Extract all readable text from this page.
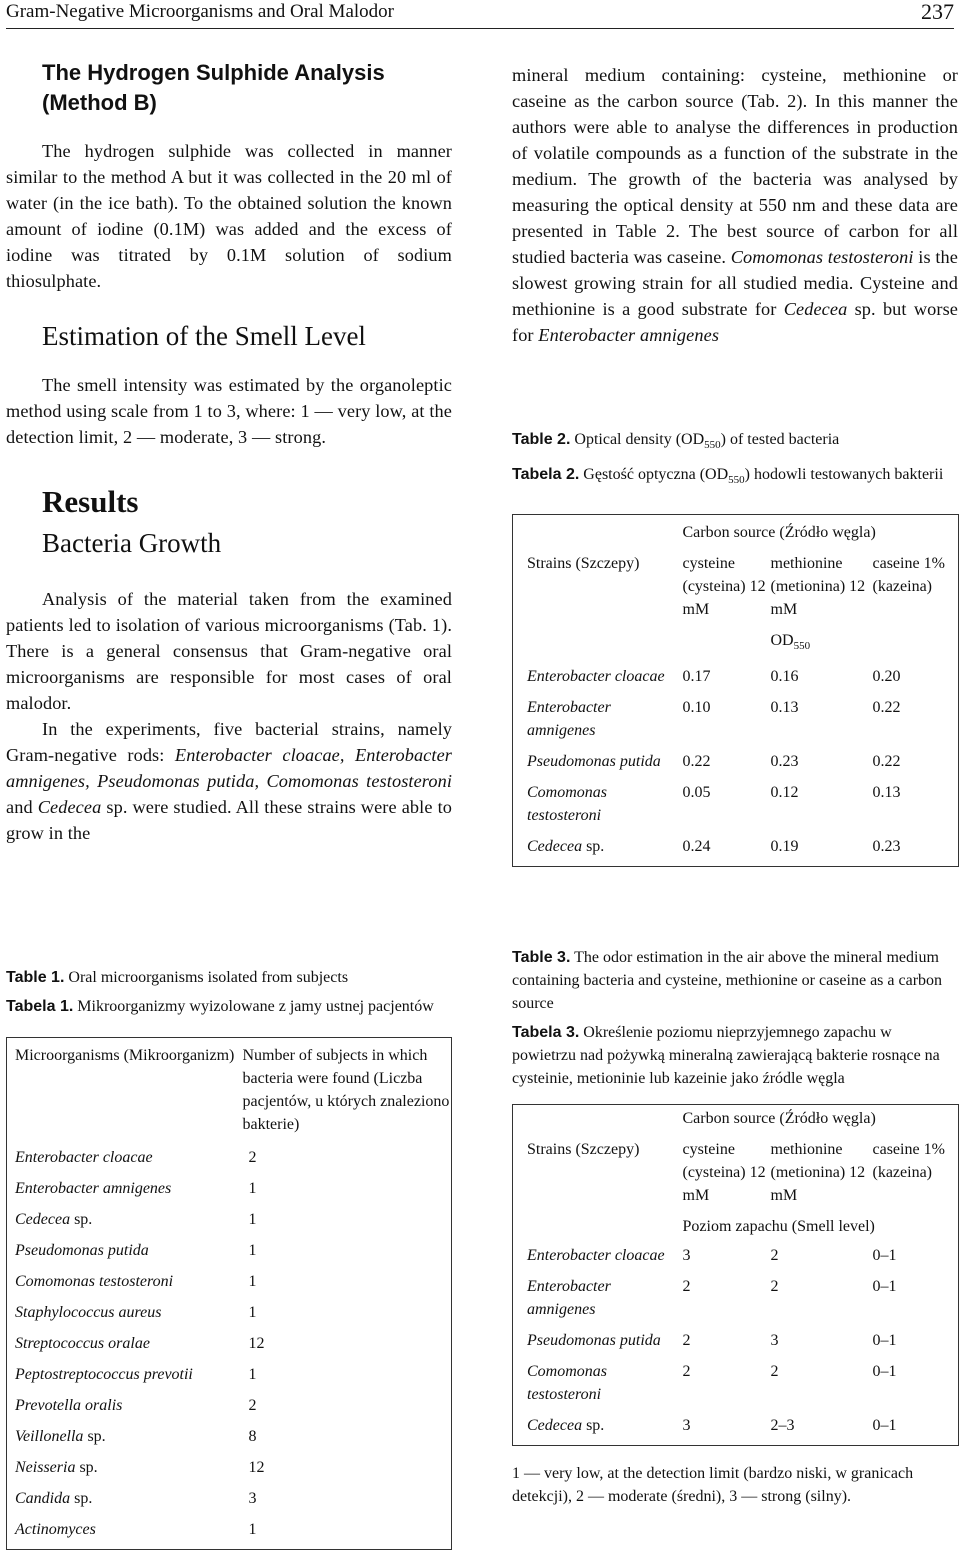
Gram-Negative Microorganisms and Oral Malodor	237
The Hydrogen Sulphide Analysis
(Method B)

The hydrogen sulphide was collected in manner similar to the method A but it was collected in the 20 ml of water (in the ice bath). To the obtained solution the known amount of iodine (0.1M) was added and the excess of iodine was titrated by 0.1M solution of sodium thiosulphate.

Estimation of the Smell Level

The smell intensity was estimated by the organoleptic method using scale from 1 to 3, where: 1 — very low, at the detection limit, 2 — moderate, 3 — strong.

Results
Bacteria Growth

Analysis of the material taken from the examined patients led to isolation of various microorganisms (Tab. 1). There is a general consensus that Gram-negative oral microorganisms are responsible for most cases of oral malodor.

In the experiments, five bacterial strains, namely Gram-negative rods: Enterobacter cloacae, Enterobacter amnigenes, Pseudomonas putida, Comomonas testosteroni and Cedecea sp. were studied. All these strains were able to grow in the

mineral medium containing: cysteine, methionine or caseine as the carbon source (Tab. 2). In this manner the authors were able to analyse the differences in production of volatile compounds as a function of the substrate in the medium. The growth of the bacteria was analysed by measuring the optical density at 550 nm and these data are presented in Table 2. The best source of carbon for all studied bacteria was caseine. Comomonas testosteroni is the slowest growing strain for all studied media. Cysteine and methionine is a good substrate for Cedecea sp. but worse for Enterobacter amnigenes

Table 2. Optical density $(OD_{550})$ of tested bacteria

Tabela 2. Gęstość optyczna $(OD_{550})$ hodowli testowanych bakterii

	Carbon source (Źródło węgla)		
Strains (Szczepy)	cysteine (cysteina) 12 mM	methionine (metionina) 12 mM	caseine 1% (kazeina)
	$OD_{550}$
Enterobacter cloacae	0.17	0.16	0.20
Enterobacter amnigenes	0.10	0.13	0.22
Pseudomonas putida	0.22	0.23	0.22
Comomonas testosteroni	0.05	0.12	0.13
Cedecea sp.	0.24	0.19	0.23

Table 1. Oral microorganisms isolated from subjects

Tabela 1. Mikroorganizmy wyizolowane z jamy ustnej pacjentów

Microorganisms (Mikroorganizm)	Number of subjects in which bacteria were found (Liczba pacjentów, u których znaleziono bakterie)
Enterobacter cloacae	2
Enterobacter amnigenes	1
Cedecea sp.	1
Pseudomonas putida	1
Comomonas testosteroni	1
Staphylococcus aureus	1
Streptococcus oralae	12
Peptostreptococcus prevotii	1
Prevotella oralis	2
Veillonella sp.	8
Neisseria sp.	12
Candida sp.	3
Actinomyces	1

Table 3. The odor estimation in the air above the mineral medium containing bacteria and cysteine, methionine or caseine as a carbon source

Tabela 3. Określenie poziomu nieprzyjemnego zapachu w powietrzu nad pożywką mineralną zawierającą bakterie rosnące na cysteinie, metioninie lub kazeinie jako źródle węgla

	Carbon source (Źródło węgla)		
Strains (Szczepy)	cysteine (cysteina) 12 mM	methionine (metionina) 12 mM	caseine 1% (kazeina)
	Poziom zapachu (Smell level)		
Enterobacter cloacae	3	2	0–1
Enterobacter amnigenes	2	2	0–1
Pseudomonas putida	2	3	0–1
Comomonas testosteroni	2	2	0–1
Cedecea sp.	3	2–3	0–1

1 — very low, at the detection limit (bardzo niski, w granicach detekcji), 2 — moderate (średni), 3 — strong (silny).
